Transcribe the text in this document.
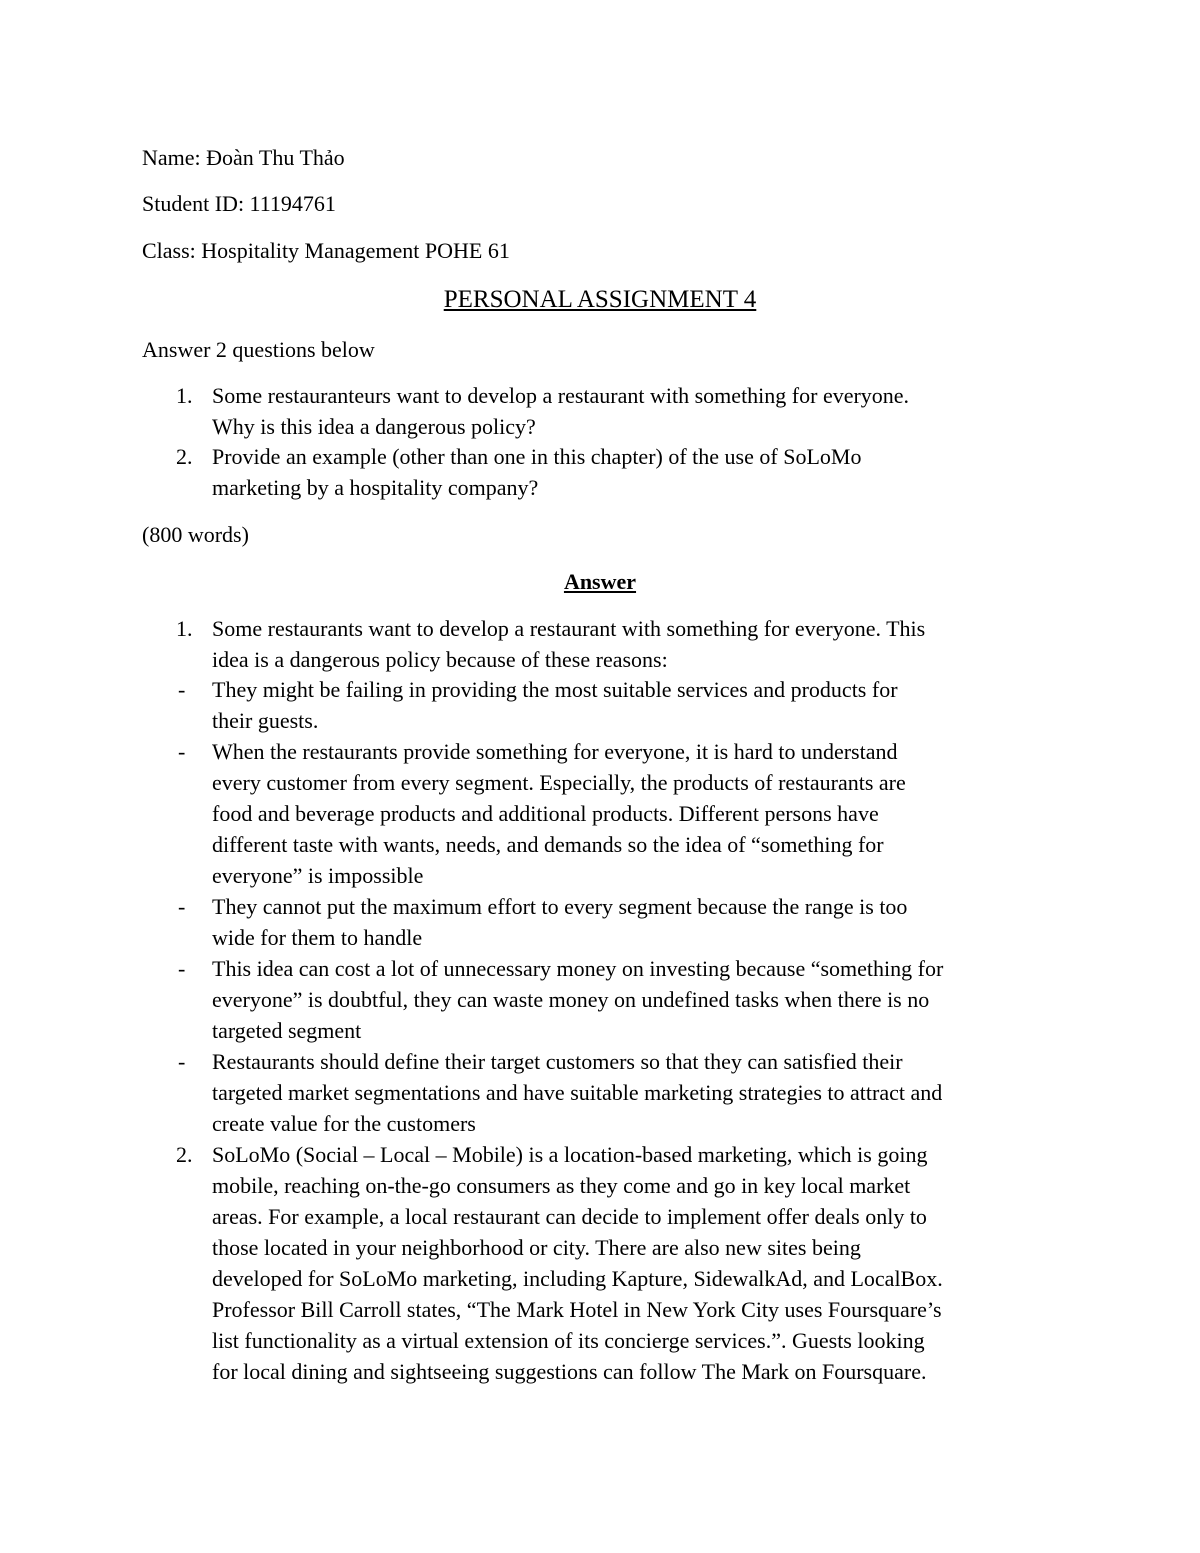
Name: Đoàn Thu Thảo
Student ID: 11194761
Class: Hospitality Management POHE 61
PERSONAL ASSIGNMENT 4
Answer 2 questions below
1. Some restauranteurs want to develop a restaurant with something for everyone.
Why is this idea a dangerous policy?
2. Provide an example (other than one in this chapter) of the use of SoLoMo
marketing by a hospitality company?
(800 words)
Answer
1. Some restaurants want to develop a restaurant with something for everyone. This
idea is a dangerous policy because of these reasons:
- They might be failing in providing the most suitable services and products for
their guests.
- When the restaurants provide something for everyone, it is hard to understand
every customer from every segment. Especially, the products of restaurants are
food and beverage products and additional products. Different persons have
different taste with wants, needs, and demands so the idea of “something for
everyone” is impossible
- They cannot put the maximum effort to every segment because the range is too
wide for them to handle
- This idea can cost a lot of unnecessary money on investing because “something for
everyone” is doubtful, they can waste money on undefined tasks when there is no
targeted segment
- Restaurants should define their target customers so that they can satisfied their
targeted market segmentations and have suitable marketing strategies to attract and
create value for the customers
2. SoLoMo (Social – Local – Mobile) is a location-based marketing, which is going
mobile, reaching on-the-go consumers as they come and go in key local market
areas. For example, a local restaurant can decide to implement offer deals only to
those located in your neighborhood or city. There are also new sites being
developed for SoLoMo marketing, including Kapture, SidewalkAd, and LocalBox.
Professor Bill Carroll states, “The Mark Hotel in New York City uses Foursquare’s
list functionality as a virtual extension of its concierge services.”. Guests looking
for local dining and sightseeing suggestions can follow The Mark on Foursquare.
